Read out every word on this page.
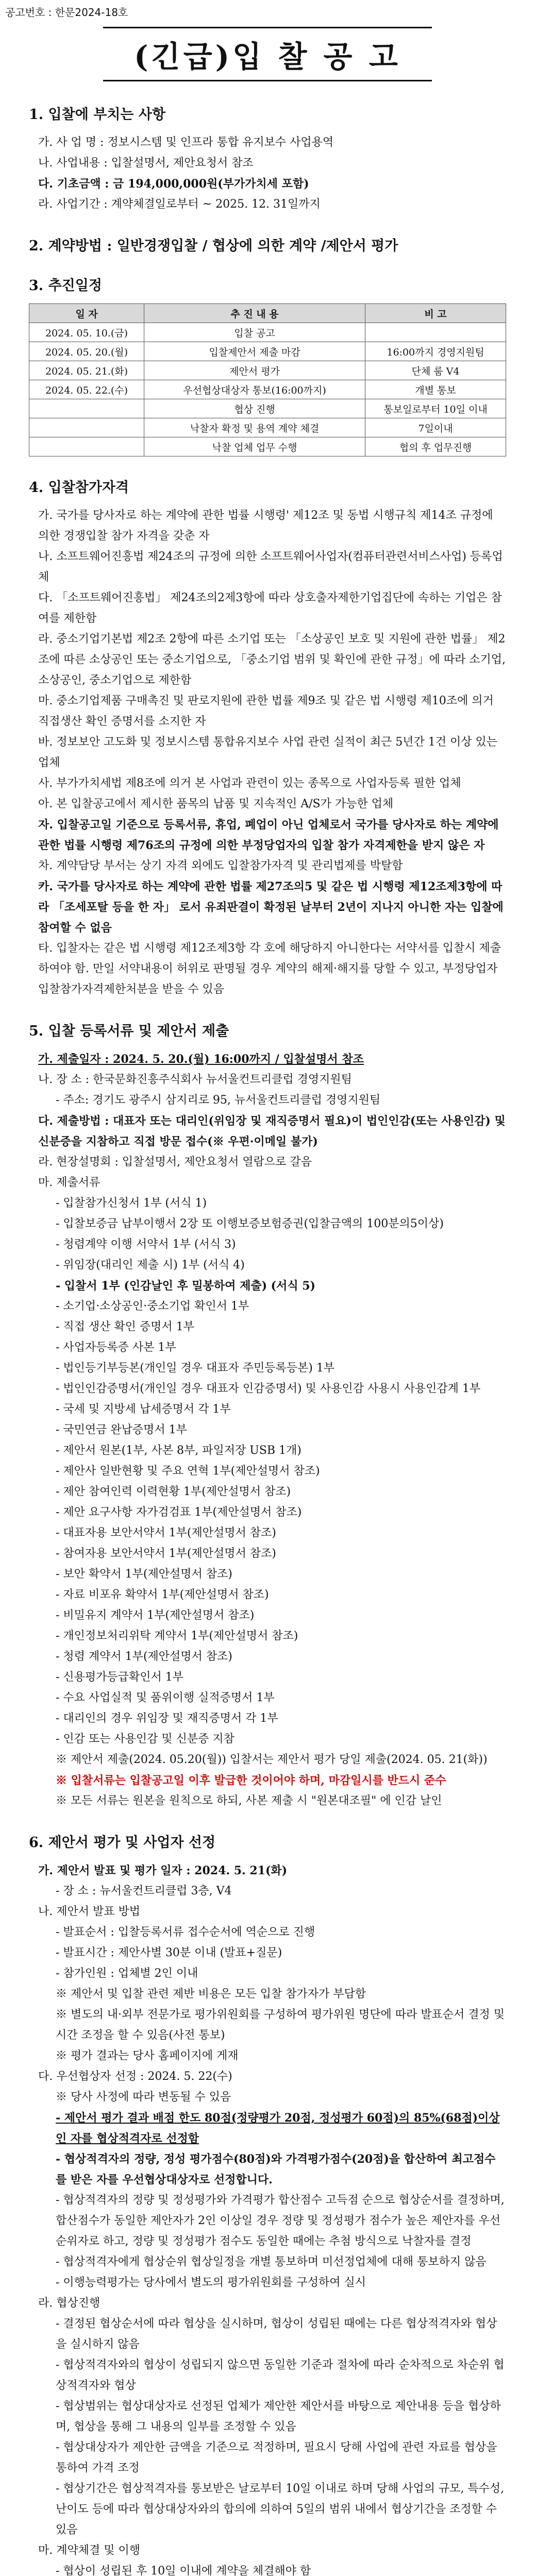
공고번호 : 한문2024-18호
(긴급)입 찰 공 고
1. 입찰에 부치는 사항
가. 사 업 명 : 정보시스템 및 인프라 통합 유지보수 사업용역
나. 사업내용 : 입찰설명서, 제안요청서 참조
다. 기초금액 : 금 194,000,000원(부가가치세 포함)
라. 사업기간 : 계약체결일로부터 ~ 2025. 12. 31일까지
2. 계약방법 : 일반경쟁입찰 / 협상에 의한 계약 /제안서 평가
3. 추진일정
일 자	추 진 내 용	비 고
2024. 05. 10.(금)	입찰 공고	
2024. 05. 20.(월)	입찰제안서 제출 마감	16:00까지 경영지원팀
2024. 05. 21.(화)	제안서 평가	단체 룸 V4
2024. 05. 22.(수)	우선협상대상자 통보(16:00까지)	개별 통보
	협상 진행	통보일로부터 10일 이내
	낙찰자 확정 및 용역 계약 체결	7일이내
	낙찰 업체 업무 수행	협의 후 업무진행
4. 입찰참가자격
가. 국가를 당사자로 하는 계약에 관한 법률 시행령' 제12조 및 동법 시행규칙 제14조 규정에 의한 경쟁입찰 참가 자격을 갖춘 자
나. 소프트웨어진흥법 제24조의 규정에 의한 소프트웨어사업자(컴퓨터관련서비스사업) 등록업체
다. 「소프트웨어진흥법」 제24조의2제3항에 따라 상호출자제한기업집단에 속하는 기업은 참여를 제한함
라. 중소기업기본법 제2조 2항에 따른 소기업 또는 「소상공인 보호 및 지원에 관한 법률」 제2조에 따른 소상공인 또는 중소기업으로, 「중소기업 범위 및 확인에 관한 규정」에 따라 소기업, 소상공인, 중소기업으로 제한함
마. 중소기업제품 구매촉진 및 판로지원에 관한 법률 제9조 및 같은 법 시행령 제10조에 의거 직접생산 확인 증명서를 소지한 자
바. 정보보안 고도화 및 정보시스템 통합유지보수 사업 관련 실적이 최근 5년간 1건 이상 있는 업체
사. 부가가치세법 제8조에 의거 본 사업과 관련이 있는 종목으로 사업자등록 필한 업체
아. 본 입찰공고에서 제시한 품목의 납품 및 지속적인 A/S가 가능한 업체
자. 입찰공고일 기준으로 등록서류, 휴업, 폐업이 아닌 업체로서 국가를 당사자로 하는 계약에 관한 법률 시행령 제76조의 규정에 의한 부정당업자의 입찰 참가 자격제한을 받지 않은 자
차. 계약담당 부서는 상기 자격 외에도 입찰참가자격 및 관리법제를 박탈함
카. 국가를 당사자로 하는 계약에 관한 법률 제27조의5 및 같은 법 시행령 제12조제3항에 따라 「조세포탈 등을 한 자」 로서 유죄판결이 확정된 날부터 2년이 지나지 아니한 자는 입찰에 참여할 수 없음
타. 입찰자는 같은 법 시행령 제12조제3항 각 호에 해당하지 아니한다는 서약서를 입찰시 제출하여야 함. 만일 서약내용이 허위로 판명될 경우 계약의 해제·해지를 당할 수 있고, 부정당업자 입찰참가자격제한처분을 받을 수 있음
5. 입찰 등록서류 및 제안서 제출
가. 제출일자 : 2024. 5. 20.(월) 16:00까지 / 입찰설명서 참조
나. 장 소 : 한국문화진흥주식회사 뉴서울컨트리클럽 경영지원팀
- 주소: 경기도 광주시 삼지리로 95, 뉴서울컨트리클럽 경영지원팀
다. 제출방법 : 대표자 또는 대리인(위임장 및 재직증명서 필요)이 법인인감(또는 사용인감) 및 신분증을 지참하고 직접 방문 접수(※ 우편·이메일 불가)
라. 현장설명회 : 입찰설명서, 제안요청서 열람으로 갈음
마. 제출서류
- 입찰참가신청서 1부 (서식 1)
- 입찰보증금 납부이행서 2장 또 이행보증보험증권(입찰금액의 100분의5이상)
- 청렴계약 이행 서약서 1부 (서식 3)
- 위임장(대리인 제출 시) 1부 (서식 4)
- 입찰서 1부 (인감날인 후 밀봉하여 제출) (서식 5)
- 소기업·소상공인·중소기업 확인서 1부
- 직접 생산 확인 증명서 1부
- 사업자등록증 사본 1부
- 법인등기부등본(개인일 경우 대표자 주민등록등본) 1부
- 법인인감증명서(개인일 경우 대표자 인감증명서) 및 사용인감 사용시 사용인감계 1부
- 국세 및 지방세 납세증명서 각 1부
- 국민연금 완납증명서 1부
- 제안서 원본(1부, 사본 8부, 파일저장 USB 1개)
- 제안사 일반현황 및 주요 연혁 1부(제안설명서 참조)
- 제안 참여인력 이력현황 1부(제안설명서 참조)
- 제안 요구사항 자가검검표 1부(제안설명서 참조)
- 대표자용 보안서약서 1부(제안설명서 참조)
- 참여자용 보안서약서 1부(제안설명서 참조)
- 보안 확약서 1부(제안설명서 참조)
- 자료 비포유 확약서 1부(제안설명서 참조)
- 비밀유지 계약서 1부(제안설명서 참조)
- 개인정보처리위탁 계약서 1부(제안설명서 참조)
- 청렴 계약서 1부(제안설명서 참조)
- 신용평가등급확인서 1부
- 수요 사업실적 및 품위이행 실적증명서 1부
- 대리인의 경우 위임장 및 재직증명서 각 1부
- 인감 또는 사용인감 및 신분증 지참
※ 제안서 제출(2024. 05.20(월)) 입찰서는 제안서 평가 당일 제출(2024. 05. 21(화))
※ 입찰서류는 입찰공고일 이후 발급한 것이어야 하며, 마감일시를 반드시 준수
※ 모든 서류는 원본을 원칙으로 하되, 사본 제출 시 "원본대조필" 에 인감 날인
6. 제안서 평가 및 사업자 선정
가. 제안서 발표 및 평가 일자 : 2024. 5. 21(화)
- 장 소 : 뉴서울컨트리클럽 3층, V4
나. 제안서 발표 방법
- 발표순서 : 입찰등록서류 접수순서에 역순으로 진행
- 발표시간 : 제안사별 30분 이내 (발표+질문)
- 참가인원 : 업체별 2인 이내
※ 제안서 및 입찰 관련 제반 비용은 모든 입찰 참가자가 부담함
※ 별도의 내·외부 전문가로 평가위원회를 구성하여 평가위원 명단에 따라 발표순서 결정 및 시간 조정을 할 수 있음(사전 통보)
※ 평가 결과는 당사 홈페이지에 게재
다. 우선협상자 선정 : 2024. 5. 22(수)
※ 당사 사정에 따라 변동될 수 있음
- 제안서 평가 결과 배점 한도 80점(정량평가 20점, 정성평가 60점)의 85%(68점)이상인 자를 협상적격자로 선정함
- 협상적격자의 정량, 정성 평가점수(80점)와 가격평가점수(20점)을 합산하여 최고점수를 받은 자를 우선협상대상자로 선정합니다.
- 협상적격자의 정량 및 정성평가와 가격평가 합산점수 고득점 순으로 협상순서를 결정하며, 합산점수가 동일한 제안자가 2인 이상일 경우 정량 및 정성평가 점수가 높은 제안자를 우선순위자로 하고, 정량 및 정성평가 점수도 동일한 때에는 추첨 방식으로 낙찰자를 결정
- 협상적격자에게 협상순위 협상일정을 개별 통보하며 미선정업체에 대해 통보하지 않음
- 이행능력평가는 당사에서 별도의 평가위원회를 구성하여 실시
라. 협상진행
- 결정된 협상순서에 따라 협상을 실시하며, 협상이 성립된 때에는 다른 협상적격자와 협상을 실시하지 않음
- 협상적격자와의 협상이 성립되지 않으면 동일한 기준과 절차에 따라 순차적으로 차순위 협상적격자와 협상
- 협상범위는 협상대상자로 선정된 업체가 제안한 제안서를 바탕으로 제안내용 등을 협상하며, 협상을 통해 그 내용의 일부를 조정할 수 있음
- 협상대상자가 제안한 금액을 기준으로 적정하며, 필요시 당해 사업에 관련 자료를 협상을 통하여 가격 조정
- 협상기간은 협상적격자를 통보받은 날로부터 10일 이내로 하며 당해 사업의 규모, 특수성, 난이도 등에 따라 협상대상자와의 합의에 의하여 5일의 범위 내에서 협상기간을 조정할 수 있음
마. 계약체결 및 이행
- 협상이 성립된 후 10일 이내에 계약을 체결해야 함
